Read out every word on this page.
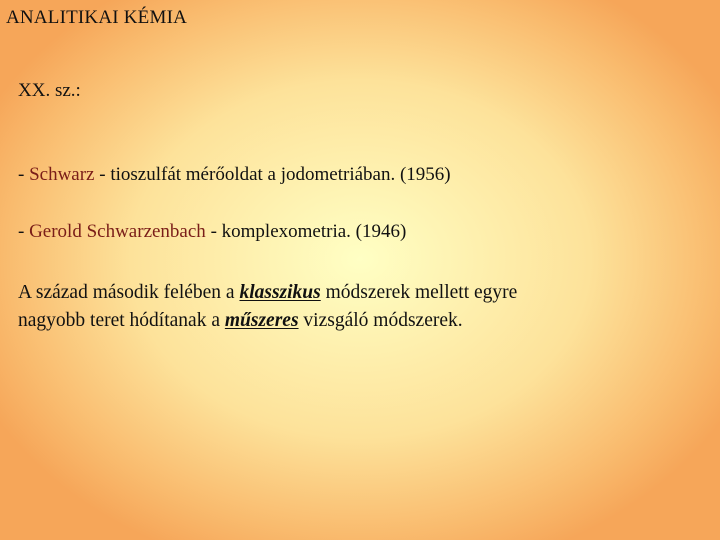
ANALITIKAI KÉMIA
XX. sz.:
- Schwarz - tioszulfát mérőoldat a jodometriában. (1956)
- Gerold Schwarzenbach - komplexometria. (1946)
A század második felében a klasszikus módszerek mellett egyre
nagyobb teret hódítanak a műszeres vizsgáló módszerek.
